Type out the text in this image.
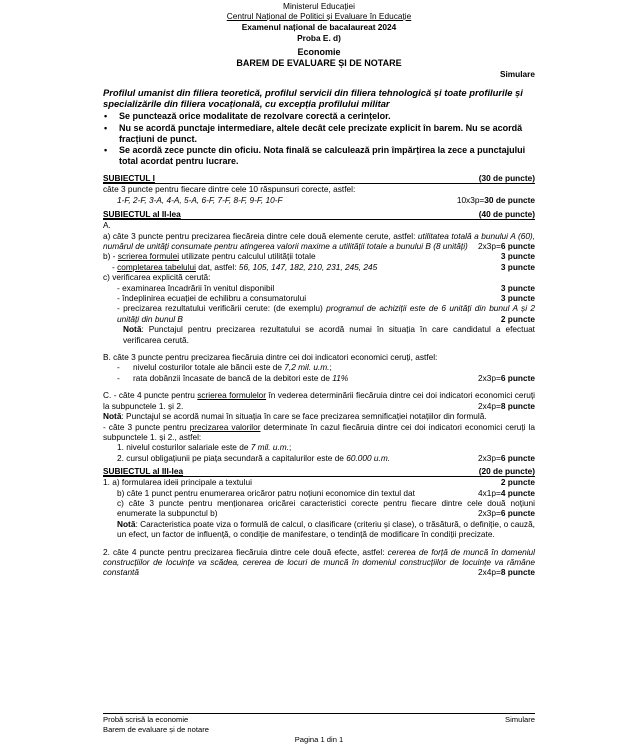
Ministerul Educației
Centrul Național de Politici și Evaluare în Educație
Examenul național de bacalaureat 2024
Proba E. d)
Economie
BAREM DE EVALUARE ȘI DE NOTARE
Simulare
Profilul umanist din filiera teoretică, profilul servicii din filiera tehnologică și toate profilurile și specializările din filiera vocațională, cu excepția profilului militar
• Se punctează orice modalitate de rezolvare corectă a cerințelor.
• Nu se acordă punctaje intermediare, altele decât cele precizate explicit în barem. Nu se acordă fracțiuni de punct.
• Se acordă zece puncte din oficiu. Nota finală se calculează prin împărțirea la zece a punctajului total acordat pentru lucrare.
SUBIECTUL I	(30 de puncte)
câte 3 puncte pentru fiecare dintre cele 10 răspunsuri corecte, astfel:
1-F, 2-F, 3-A, 4-A, 5-A, 6-F, 7-F, 8-F, 9-F, 10-F	10x3p=30 de puncte
SUBIECTUL al II-lea	(40 de puncte)
A.
a) câte 3 puncte pentru precizarea fiecăreia dintre cele două elemente cerute, astfel: utilitatea totală a bunului A (60), numărul de unități consumate pentru atingerea valorii maxime a utilității totale a bunului B (8 unități) 2x3p=6 puncte
b) - scrierea formulei utilizate pentru calculul utilității totale	3 puncte
- completarea tabelului dat, astfel: 56, 105, 147, 182, 210, 231, 245, 245	3 puncte
c) verificarea explicită cerută:
- examinarea încadrării în venitul disponibil	3 puncte
- îndeplinirea ecuației de echilibru a consumatorului	3 puncte
- precizarea rezultatului verificării cerute: (de exemplu) programul de achiziții este de 6 unități din bunul A și 2 unități din bunul B	2 puncte
Notă: Punctajul pentru precizarea rezultatului se acordă numai în situația în care candidatul a efectuat verificarea cerută.
B. câte 3 puncte pentru precizarea fiecăruia dintre cei doi indicatori economici ceruți, astfel:
- nivelul costurilor totale ale băncii este de 7,2 mil. u.m.;
- rata dobânzii încasate de bancă de la debitori este de 11%	2x3p=6 puncte
C. - câte 4 puncte pentru scrierea formulelor în vederea determinării fiecăruia dintre cei doi indicatori economici ceruți la subpunctele 1. și 2.	2x4p=8 puncte
Notă: Punctajul se acordă numai în situația în care se face precizarea semnificației notațiilor din formulă.
- câte 3 puncte pentru precizarea valorilor determinate în cazul fiecăruia dintre cei doi indicatori economici ceruți la subpunctele 1. și 2., astfel:
1. nivelul costurilor salariale este de 7 mil. u.m.;
2. cursul obligațiunii pe piața secundară a capitalurilor este de 60.000 u.m.	2x3p=6 puncte
SUBIECTUL al III-lea	(20 de puncte)
1. a) formularea ideii principale a textului	2 puncte
b) câte 1 punct pentru enumerarea oricăror patru noțiuni economice din textul dat	4x1p=4 puncte
c) câte 3 puncte pentru menționarea oricărei caracteristici corecte pentru fiecare dintre cele două noțiuni enumerate la subpunctul b)	2x3p=6 puncte
Notă: Caracteristica poate viza o formulă de calcul, o clasificare (criteriu și clase), o trăsătură, o definiție, o cauză, un efect, un factor de influență, o condiție de manifestare, o tendință de modificare în condiții precizate.
2. câte 4 puncte pentru precizarea fiecăruia dintre cele două efecte, astfel: cererea de forță de muncă în domeniul construcțiilor de locuințe va scădea, cererea de locuri de muncă în domeniul construcțiilor de locuințe va rămâne constantă	2x4p=8 puncte
Probă scrisă la economie	Simulare
Barem de evaluare și de notare
Pagina 1 din 1
